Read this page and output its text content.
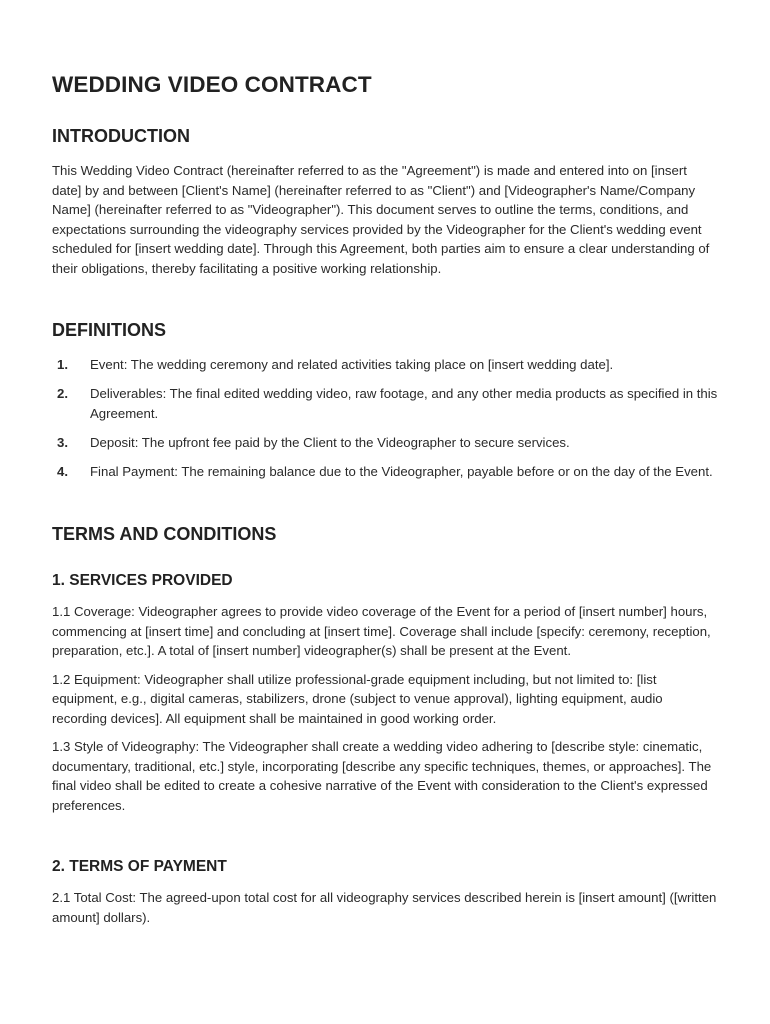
WEDDING VIDEO CONTRACT
INTRODUCTION

This Wedding Video Contract (hereinafter referred to as the "Agreement") is made and entered into on [insert date] by and between [Client's Name] (hereinafter referred to as "Client") and [Videographer's Name/Company Name] (hereinafter referred to as "Videographer"). This document serves to outline the terms, conditions, and expectations surrounding the videography services provided by the Videographer for the Client's wedding event scheduled for [insert wedding date]. Through this Agreement, both parties aim to ensure a clear understanding of their obligations, thereby facilitating a positive working relationship.

DEFINITIONS
1. Event: The wedding ceremony and related activities taking place on [insert wedding date].
2. Deliverables: The final edited wedding video, raw footage, and any other media products as specified in this Agreement.
3. Deposit: The upfront fee paid by the Client to the Videographer to secure services.
4. Final Payment: The remaining balance due to the Videographer, payable before or on the day of the Event.
TERMS AND CONDITIONS
1. SERVICES PROVIDED

1.1 Coverage: Videographer agrees to provide video coverage of the Event for a period of [insert number] hours, commencing at [insert time] and concluding at [insert time]. Coverage shall include [specify: ceremony, reception, preparation, etc.]. A total of [insert number] videographer(s) shall be present at the Event.

1.2 Equipment: Videographer shall utilize professional-grade equipment including, but not limited to: [list equipment, e.g., digital cameras, stabilizers, drone (subject to venue approval), lighting equipment, audio recording devices]. All equipment shall be maintained in good working order.

1.3 Style of Videography: The Videographer shall create a wedding video adhering to [describe style: cinematic, documentary, traditional, etc.] style, incorporating [describe any specific techniques, themes, or approaches]. The final video shall be edited to create a cohesive narrative of the Event with consideration to the Client's expressed preferences.

2. TERMS OF PAYMENT

2.1 Total Cost: The agreed-upon total cost for all videography services described herein is [insert amount] ([written amount] dollars).
